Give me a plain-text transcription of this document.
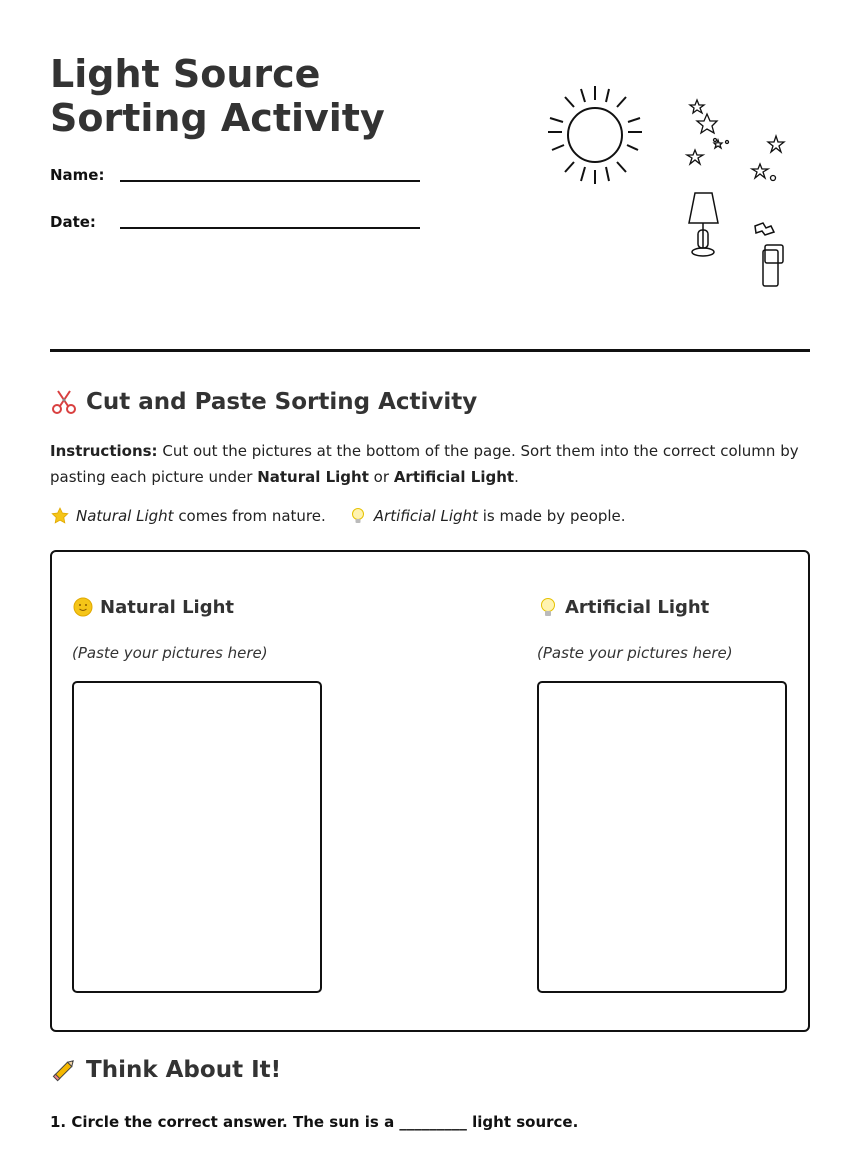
Light Source Sorting Activity
Name:
Date:
Cut and Paste Sorting Activity
Instructions: Cut out the pictures at the bottom of the page. Sort them into the correct column by pasting each picture under Natural Light or Artificial Light.
Natural Light
comes from nature.	Artificial Light
is made by people.
Natural Light
(Paste your pictures here)
Artificial Light
(Paste your pictures here)
Think About It!
1. Circle the correct answer. The sun is a _________ light source.
